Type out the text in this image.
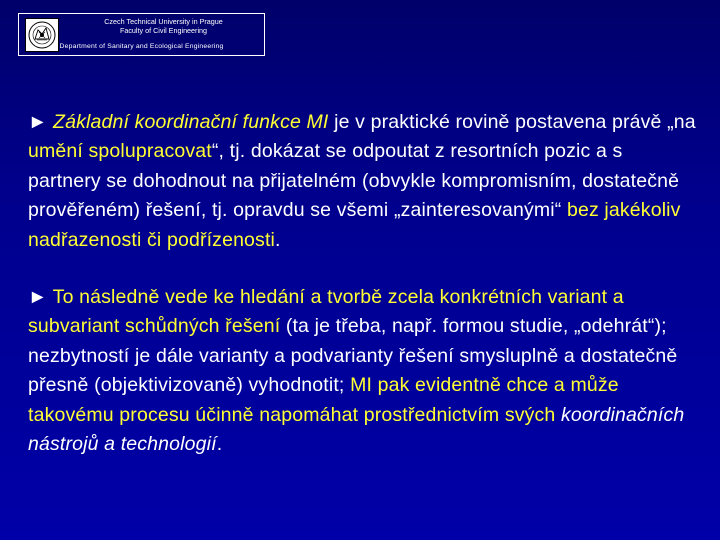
Czech Technical University in Prague
Faculty of Civil Engineering
Department of Sanitary and Ecological Engineering

► Základní koordinační funkce MI je v praktické rovině postavena právě „na umění spolupracovat“, tj. dokázat se odpoutat z resortních pozic a s partnery se dohodnout na přijatelném (obvykle kompromisním, dostatečně prověřeném) řešení, tj. opravdu se všemi „zainteresovanými“ bez jakékoliv nadřazenosti či podřízenosti.

► To následně vede ke hledání a tvorbě zcela konkrétních variant a subvariant schůdných řešení (ta je třeba, např. formou studie, „odehrát“); nezbytností je dále varianty a podvarianty řešení smysluplně a dostatečně přesně (objektivizovaně) vyhodnotit; MI pak evidentně chce a může takovému procesu účinně napomáhat prostřednictvím svých koordinačních nástrojů a technologií.
